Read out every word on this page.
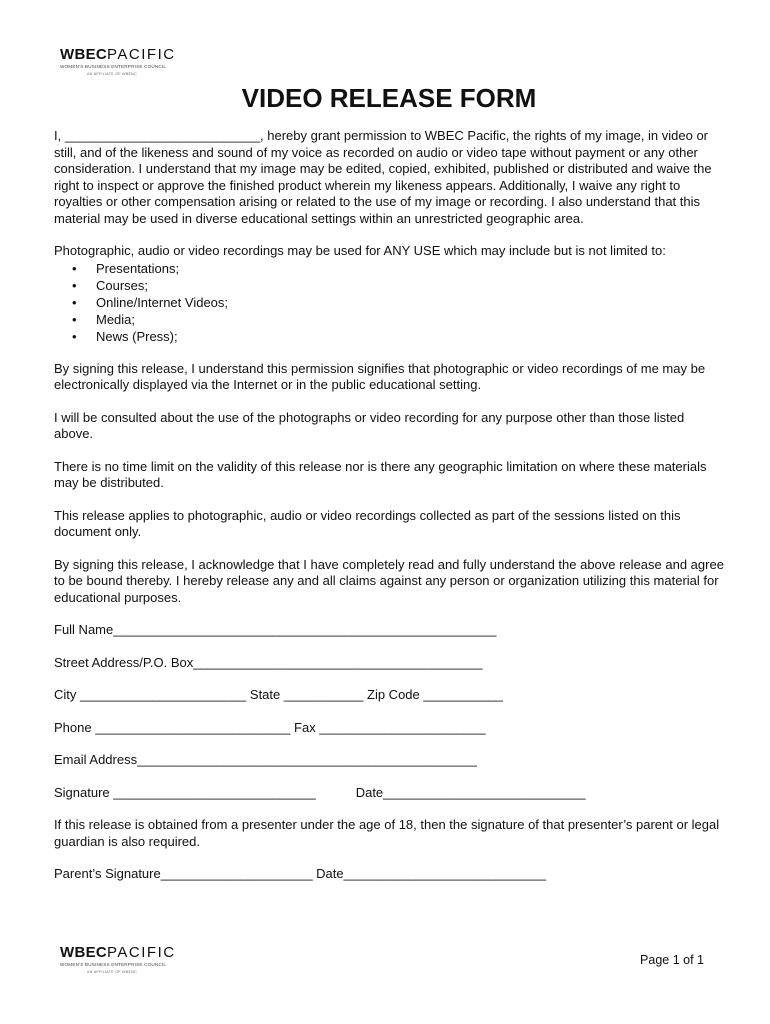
WBECPACIFIC
WOMEN'S BUSINESS ENTERPRISE COUNCIL
AN AFFILIATE OF WBENC
VIDEO RELEASE FORM

I, ___________________________, hereby grant permission to WBEC Pacific, the rights of my image, in video or still, and of the likeness and sound of my voice as recorded on audio or video tape without payment or any other consideration. I understand that my image may be edited, copied, exhibited, published or distributed and waive the right to inspect or approve the finished product wherein my likeness appears. Additionally, I waive any right to royalties or other compensation arising or related to the use of my image or recording. I also understand that this material may be used in diverse educational settings within an unrestricted geographic area.

Photographic, audio or video recordings may be used for ANY USE which may include but is not limited to:

• Presentations;
• Courses;
• Online/Internet Videos;
• Media;
• News (Press);

By signing this release, I understand this permission signifies that photographic or video recordings of me may be electronically displayed via the Internet or in the public educational setting.

I will be consulted about the use of the photographs or video recording for any purpose other than those listed above.

There is no time limit on the validity of this release nor is there any geographic limitation on where these materials may be distributed.

This release applies to photographic, audio or video recordings collected as part of the sessions listed on this document only.

By signing this release, I acknowledge that I have completely read and fully understand the above release and agree to be bound thereby. I hereby release any and all claims against any person or organization utilizing this material for educational purposes.

Full Name_____________________________________________________
Street Address/P.O. Box________________________________________
City _______________________ State ___________ Zip Code ___________
Phone ___________________________ Fax _______________________
Email Address_______________________________________________
Signature ____________________________	Date____________________________

If this release is obtained from a presenter under the age of 18, then the signature of that presenter’s parent or legal guardian is also required.

Parent’s Signature_____________________ Date____________________________
WBECPACIFIC
WOMEN'S BUSINESS ENTERPRISE COUNCIL
AN AFFILIATE OF WBENC
Page 1 of 1
